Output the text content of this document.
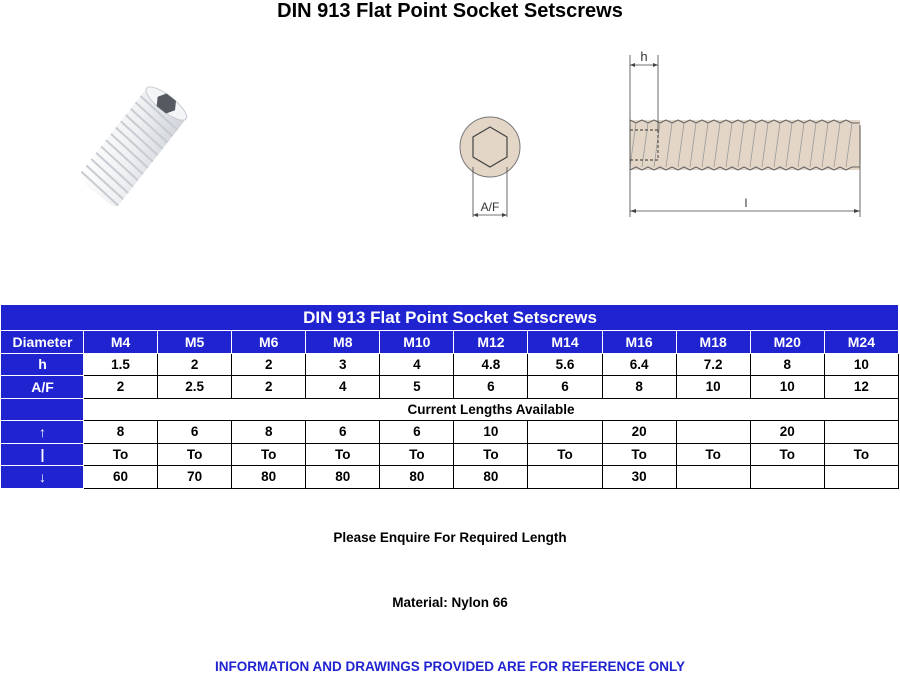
DIN 913 Flat Point Socket Setscrews
A/F
h
l
DIN 913 Flat Point Socket Setscrews											
Diameter	M4	M5	M6	M8	M10	M12	M14	M16	M18	M20	M24
h	1.5	2	2	3	4	4.8	5.6	6.4	7.2	8	10
A/F	2	2.5	2	4	5	6	6	8	10	10	12
	Current Lengths Available										
↑	8	6	8	6	6	10		20		20	
|	To	To	To	To	To	To	To	To	To	To	To
↓	60	70	80	80	80	80		30			
Please Enquire For Required Length
Material: Nylon 66
INFORMATION AND DRAWINGS PROVIDED ARE FOR REFERENCE ONLY
